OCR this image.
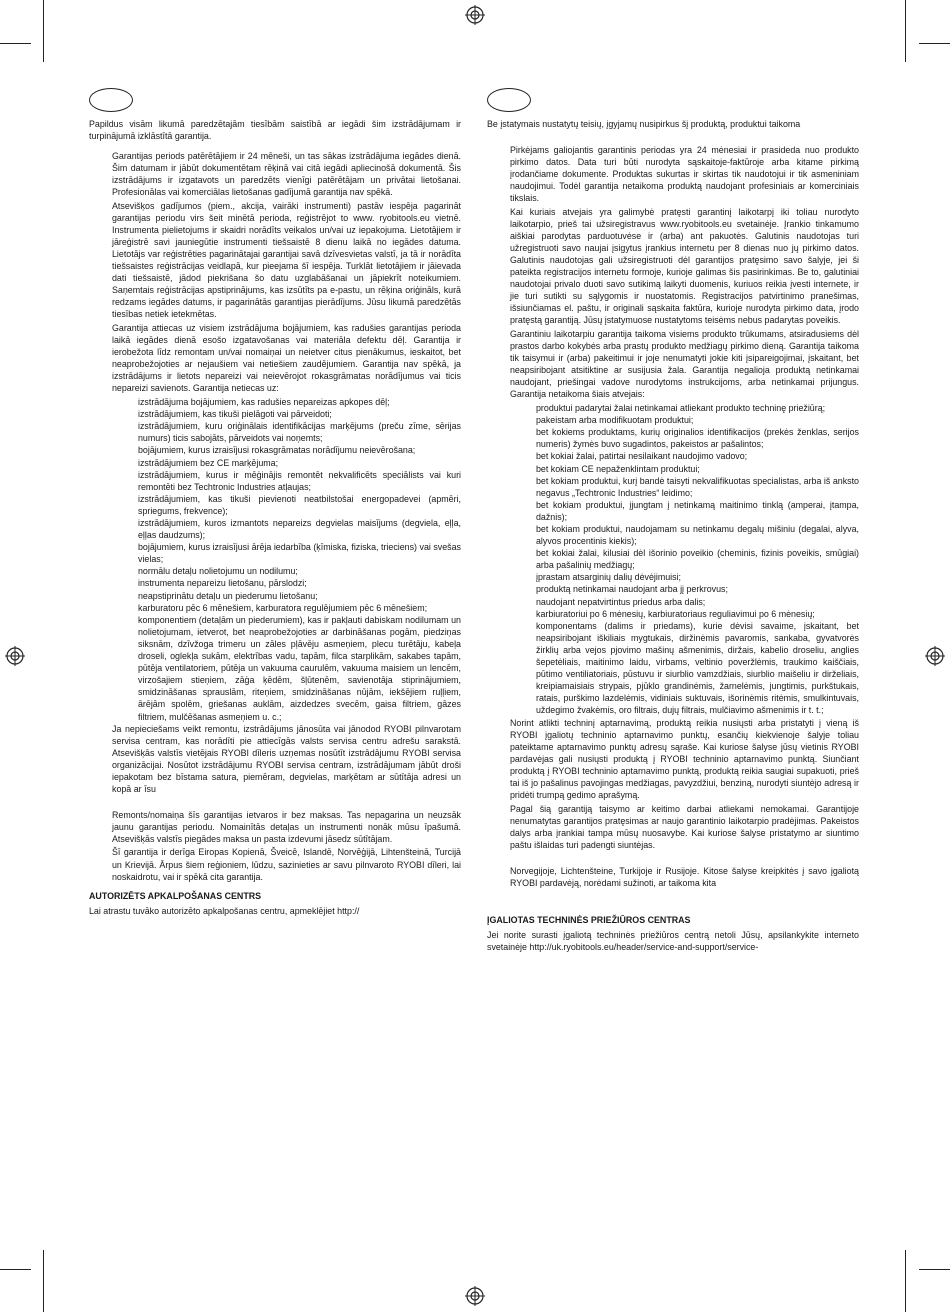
Papildus visām likumā paredzētajām tiesībām saistībā ar iegādi šim izstrādājumam ir turpinājumā izklāstītā garantija.

Garantijas periods patērētājiem ir 24 mēneši, un tas sākas izstrādājuma iegādes dienā. Šim datumam ir jābūt dokumentētam rēķinā vai citā iegādi apliecinošā dokumentā. Šis izstrādājums ir izgatavots un paredzēts vienīgi patērētājam un privātai lietošanai. Profesionālas vai komerciālas lietošanas gadījumā garantija nav spēkā.

Atsevišķos gadījumos (piem., akcija, vairāki instrumenti) pastāv iespēja pagarināt garantijas periodu virs šeit minētā perioda, reģistrējot to www. ryobitools.eu vietnē. Instrumenta pielietojums ir skaidri norādīts veikalos un/vai uz iepakojuma. Lietotājiem ir jāreģistrē savi jauniegūtie instrumenti tiešsaistē 8 dienu laikā no iegādes datuma. Lietotājs var reģistrēties pagarinātajai garantijai savā dzīvesvietas valstī, ja tā ir norādīta tiešsaistes reģistrācijas veidlapā, kur pieejama šī iespēja. Turklāt lietotājiem ir jāievada dati tiešsaistē, jādod piekrišana šo datu uzglabāšanai un jāpiekrīt noteikumiem. Saņemtais reģistrācijas apstiprinājums, kas izsūtīts pa e-pastu, un rēķina oriģināls, kurā redzams iegādes datums, ir pagarinātās garantijas pierādījums. Jūsu likumā paredzētās tiesības netiek ietekmētas.

Garantija attiecas uz visiem izstrādājuma bojājumiem, kas radušies garantijas perioda laikā iegādes dienā esošo izgatavošanas vai materiāla defektu dēļ. Garantija ir ierobežota līdz remontam un/vai nomaiņai un neietver citus pienākumus, ieskaitot, bet neaprobežojoties ar nejaušiem vai netiešiem zaudējumiem. Garantija nav spēkā, ja izstrādājums ir lietots nepareizi vai neievērojot rokasgrāmatas norādījumus vai ticis nepareizi savienots. Garantija netiecas uz:

izstrādājuma bojājumiem, kas radušies nepareizas apkopes dēļ;

izstrādājumiem, kas tikuši pielāgoti vai pārveidoti;

izstrādājumiem, kuru oriģinālais identifikācijas marķējums (preču zīme, sērijas numurs) ticis sabojāts, pārveidots vai noņemts;

bojājumiem, kurus izraisījusi rokasgrāmatas norādījumu neievērošana;

izstrādājumiem bez CE marķējuma;

izstrādājumiem, kurus ir mēģinājis remontēt nekvalificēts speciālists vai kuri remontēti bez Techtronic Industries atļaujas;

izstrādājumiem, kas tikuši pievienoti neatbilstošai energopadevei (apmēri, spriegums, frekvence);

izstrādājumiem, kuros izmantots nepareizs degvielas maisījums (degviela, eļļa, eļļas daudzums);

bojājumiem, kurus izraisījusi ārēja iedarbība (ķīmiska, fiziska, trieciens) vai svešas vielas;

normālu detaļu nolietojumu un nodilumu;

instrumenta nepareizu lietošanu, pārslodzi;

neapstiprinātu detaļu un piederumu lietošanu;

karburatoru pēc 6 mēnešiem, karburatora regulējumiem pēc 6 mēnešiem;

komponentiem (detaļām un piederumiem), kas ir pakļauti dabiskam nodilumam un nolietojumam, ietverot, bet neaprobežojoties ar darbināšanas pogām, piedziņas siksnām, dzīvžoga trimeru un zāles pļāvēju asmeņiem, plecu turētāju, kabeļa droseli, oglekļa sukām, elektrības vadu, tapām, filca starplikām, sakabes tapām, pūtēja ventilatoriem, pūtēja un vakuuma caurulēm, vakuuma maisiem un lencēm, virzošajiem stieņiem, zāģa ķēdēm, šļūtenēm, savienotāja stiprinājumiem, smidzināšanas sprauslām, riteņiem, smidzināšanas nūjām, iekšējiem ruļļiem, ārējām spolēm, griešanas auklām, aizdedzes svecēm, gaisa filtriem, gāzes filtriem, mulčēšanas asmeņiem u. c.;

Ja nepieciešams veikt remontu, izstrādājums jānosūta vai jānodod RYOBI pilnvarotam servisa centram, kas norādīti pie attiecīgās valsts servisa centru adrešu sarakstā. Atsevišķās valstīs vietējais RYOBI dīleris uzņemas nosūtīt izstrādājumu RYOBI servisa organizācijai. Nosūtot izstrādājumu RYOBI servisa centram, izstrādājumam jābūt droši iepakotam bez bīstama satura, piemēram, degvielas, marķētam ar sūtītāja adresi un kopā ar īsu

Remonts/nomaiņa šīs garantijas ietvaros ir bez maksas. Tas nepagarina un neuzsāk jaunu garantijas periodu. Nomainītās detaļas un instrumenti nonāk mūsu īpašumā. Atsevišķās valstīs piegādes maksa un pasta izdevumi jāsedz sūtītājam.

Šī garantija ir derīga Eiropas Kopienā, Šveicē, Islandē, Norvēģijā, Lihtenšteinā, Turcijā un Krievijā. Ārpus šiem reģioniem, lūdzu, sazinieties ar savu pilnvaroto RYOBI dīleri, lai noskaidrotu, vai ir spēkā cita garantija.

AUTORIZĒTS APKALPOŠANAS CENTRS

Lai atrastu tuvāko autorizēto apkalpošanas centru, apmeklējiet http://

Be įstatymais nustatytų teisių, įgyjamų nusipirkus šį produktą, produktui taikoma

Pirkėjams galiojantis garantinis periodas yra 24 mėnesiai ir prasideda nuo produkto pirkimo datos. Data turi būti nurodyta sąskaitoje-faktūroje arba kitame pirkimą įrodančiame dokumente. Produktas sukurtas ir skirtas tik naudotojui ir tik asmeniniam naudojimui. Todėl garantija netaikoma produktą naudojant profesiniais ar komerciniais tikslais.

Kai kuriais atvejais yra galimybė pratęsti garantinį laikotarpį iki toliau nurodyto laikotarpio, prieš tai užsiregistravus www.ryobitools.eu svetainėje. Įrankio tinkamumo aiškiai parodytas parduotuvėse ir (arba) ant pakuotės. Galutinis naudotojas turi užregistruoti savo naujai įsigytus įrankius internetu per 8 dienas nuo jų pirkimo datos. Galutinis naudotojas gali užsiregistruoti dėl garantijos pratęsimo savo šalyje, jei ši pateikta registracijos internetu formoje, kurioje galimas šis pasirinkimas. Be to, galutiniai naudotojai privalo duoti savo sutikimą laikyti duomenis, kuriuos reikia įvesti internete, ir jie turi sutikti su sąlygomis ir nuostatomis. Registracijos patvirtinimo pranešimas, išsiunčiamas el. paštu, ir originali sąskaita faktūra, kurioje nurodyta pirkimo data, įrodo pratęstą garantiją. Jūsų įstatymuose nustatytoms teisėms nebus padarytas poveikis.

Garantiniu laikotarpiu garantija taikoma visiems produkto trūkumams, atsiradusiems dėl prastos darbo kokybės arba prastų produkto medžiagų pirkimo dieną. Garantija taikoma tik taisymui ir (arba) pakeitimui ir joje nenumatyti jokie kiti įsipareigojimai, įskaitant, bet neapsiribojant atsitiktine ar susijusia žala. Garantija negalioja produktą netinkamai naudojant, priešingai vadove nurodytoms instrukcijoms, arba netinkamai prijungus. Garantija netaikoma šiais atvejais:

produktui padarytai žalai netinkamai atliekant produkto techninę priežiūrą;

pakeistam arba modifikuotam produktui;

bet kokiems produktams, kurių originalios identifikacijos (prekės ženklas, serijos numeris) žymės buvo sugadintos, pakeistos ar pašalintos;

bet kokiai žalai, patirtai nesilaikant naudojimo vadovo;

bet kokiam CE nepaženklintam produktui;

bet kokiam produktui, kurį bandė taisyti nekvalifikuotas specialistas, arba iš anksto negavus „Techtronic Industries“ leidimo;

bet kokiam produktui, įjungtam į netinkamą maitinimo tinklą (amperai, įtampa, dažnis);

bet kokiam produktui, naudojamam su netinkamu degalų mišiniu (degalai, alyva, alyvos procentinis kiekis);

bet kokiai žalai, kilusiai dėl išorinio poveikio (cheminis, fizinis poveikis, smūgiai) arba pašalinių medžiagų;

įprastam atsarginių dalių dėvėjimuisi;

produktą netinkamai naudojant arba jį perkrovus;

naudojant nepatvirtintus priedus arba dalis;

karbiuratoriui po 6 mėnesių, karbiuratoriaus reguliavimui po 6 mėnesių;

komponentams (dalims ir priedams), kurie dėvisi savaime, įskaitant, bet neapsiribojant iškiliais mygtukais, diržinėmis pavaromis, sankaba, gyvatvorės žirklių arba vejos pjovimo mašinų ašmenimis, diržais, kabelio droseliu, anglies šepetėliais, maitinimo laidu, virbams, veltinio poveržlėmis, traukimo kaiščiais, pūtimo ventiliatoriais, pūstuvu ir siurblio vamzdžiais, siurblio maišeliu ir dirželiais, kreipiamaisiais strypais, pjūklo grandinėmis, žarnelėmis, jungtimis, purkštukais, ratais, purškimo lazdelėmis, vidiniais suktuvais, išorinėmis ritėmis, smulkintuvais, uždegimo žvakėmis, oro filtrais, dujų filtrais, mulčiavimo ašmenimis ir t. t.;

Norint atlikti techninį aptarnavimą, produktą reikia nusiųsti arba pristatyti į vieną iš RYOBI įgaliotų techninio aptarnavimo punktų, esančių kiekvienoje šalyje toliau pateiktame aptarnavimo punktų adresų sąraše. Kai kuriose šalyse jūsų vietinis RYOBI pardavėjas gali nusiųsti produktą į RYOBI techninio aptarnavimo punktą. Siunčiant produktą į RYOBI techninio aptarnavimo punktą, produktą reikia saugiai supakuoti, prieš tai iš jo pašalinus pavojingas medžiagas, pavyzdžiui, benziną, nurodyti siuntėjo adresą ir pridėti trumpą gedimo aprašymą.

Pagal šią garantiją taisymo ar keitimo darbai atliekami nemokamai. Garantijoje nenumatytas garantijos pratęsimas ar naujo garantinio laikotarpio pradėjimas. Pakeistos dalys arba įrankiai tampa mūsų nuosavybe. Kai kuriose šalyse pristatymo ar siuntimo paštu išlaidas turi padengti siuntėjas.

Norvegijoje, Lichtenšteine, Turkijoje ir Rusijoje. Kitose šalyse kreipkitės į savo įgaliotą RYOBI pardavėją, norėdami sužinoti, ar taikoma kita

ĮGALIOTAS TECHNINĖS PRIEŽIŪROS CENTRAS

Jei norite surasti įgaliotą techninės priežiūros centrą netoli Jūsų, apsilankykite interneto svetainėje http://uk.ryobitools.eu/header/service-and-support/service-
